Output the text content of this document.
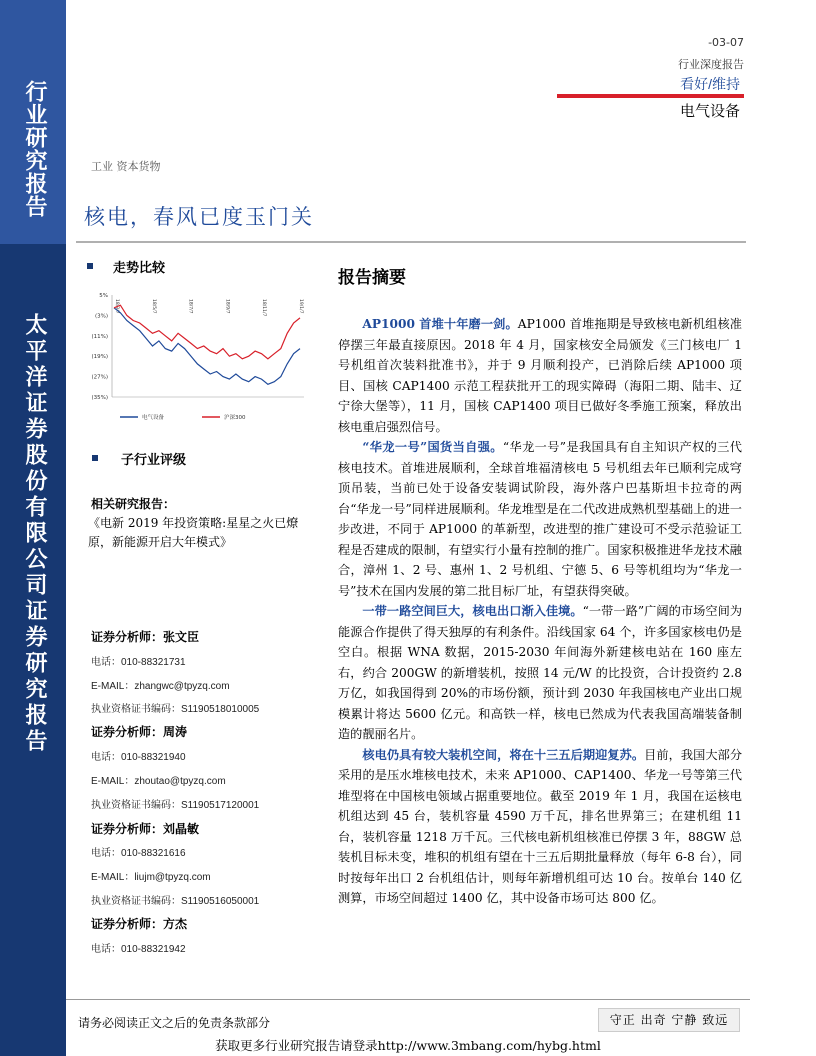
行业研究报告
太平洋证券股份有限公司证券研究报告
-03-07
行业深度报告
看好/维持
电气设备
工业 资本货物
核电，春风已度玉门关
走势比较
5%
(3%)
(11%)
(19%)
(27%)
(35%)
18/3/7	18/5/7	18/7/7	18/9/7	18/11/7	19/1/7
电气设备	沪深300
子行业评级
相关研究报告：
《电新 2019 年投资策略:星星之火已燎原，新能源开启大年模式》
证券分析师：张文臣
电话：010-88321731
E-MAIL：zhangwc@tpyzq.com
执业资格证书编码：S1190518010005
证券分析师：周涛
电话：010-88321940
E-MAIL：zhoutao@tpyzq.com
执业资格证书编码：S1190517120001
证券分析师：刘晶敏
电话：010-88321616
E-MAIL：liujm@tpyzq.com
执业资格证书编码：S1190516050001
证券分析师：方杰
电话：010-88321942
报告摘要

AP1000 首堆十年磨一剑。AP1000 首堆拖期是导致核电新机组核准停摆三年最直接原因。2018 年 4 月，国家核安全局颁发《三门核电厂 1 号机组首次装料批准书》，并于 9 月顺利投产，已消除后续 AP1000 项目、国核 CAP1400 示范工程获批开工的现实障碍（海阳二期、陆丰、辽宁徐大堡等），11 月，国核 CAP1400 项目已做好冬季施工预案，释放出核电重启强烈信号。

“华龙一号”国货当自强。“华龙一号”是我国具有自主知识产权的三代核电技术。首堆进展顺利，全球首堆福清核电 5 号机组去年已顺利完成穹顶吊装，当前已处于设备安装调试阶段，海外落户巴基斯坦卡拉奇的两台“华龙一号”同样进展顺利。华龙堆型是在二代改进成熟机型基础上的进一步改进，不同于 AP1000 的革新型，改进型的推广建设可不受示范验证工程是否建成的限制，有望实行小量有控制的推广。国家积极推进华龙技术融合，漳州 1、2 号、惠州 1、2 号机组、宁德 5、6 号等机组均为“华龙一号”技术在国内发展的第二批目标厂址，有望获得突破。

一带一路空间巨大，核电出口渐入佳境。“一带一路”广阔的市场空间为能源合作提供了得天独厚的有利条件。沿线国家 64 个，许多国家核电仍是空白。根据 WNA 数据，2015-2030 年间海外新建核电站在 160 座左右，约合 200GW 的新增装机，按照 14 元/W 的比投资，合计投资约 2.8 万亿，如我国得到 20%的市场份额，预计到 2030 年我国核电产业出口规模累计将达 5600 亿元。和高铁一样，核电已然成为代表我国高端装备制造的靓丽名片。

核电仍具有较大装机空间，将在十三五后期迎复苏。目前，我国大部分采用的是压水堆核电技术，未来 AP1000、CAP1400、华龙一号等第三代堆型将在中国核电领域占据重要地位。截至 2019 年 1 月，我国在运核电机组达到 45 台，装机容量 4590 万千瓦，排名世界第三；在建机组 11 台，装机容量 1218 万千瓦。三代核电新机组核准已停摆 3 年，88GW 总装机目标未变，堆积的机组有望在十三五后期批量释放（每年 6-8 台），同时按每年出口 2 台机组估计，则每年新增机组可达 10 台。按单台 140 亿测算，市场空间超过 1400 亿，其中设备市场可达 800 亿。

请务必阅读正文之后的免责条款部分	守正 出奇 宁静 致远
获取更多行业研究报告请登录http://www.3mbang.com/hybg.html
